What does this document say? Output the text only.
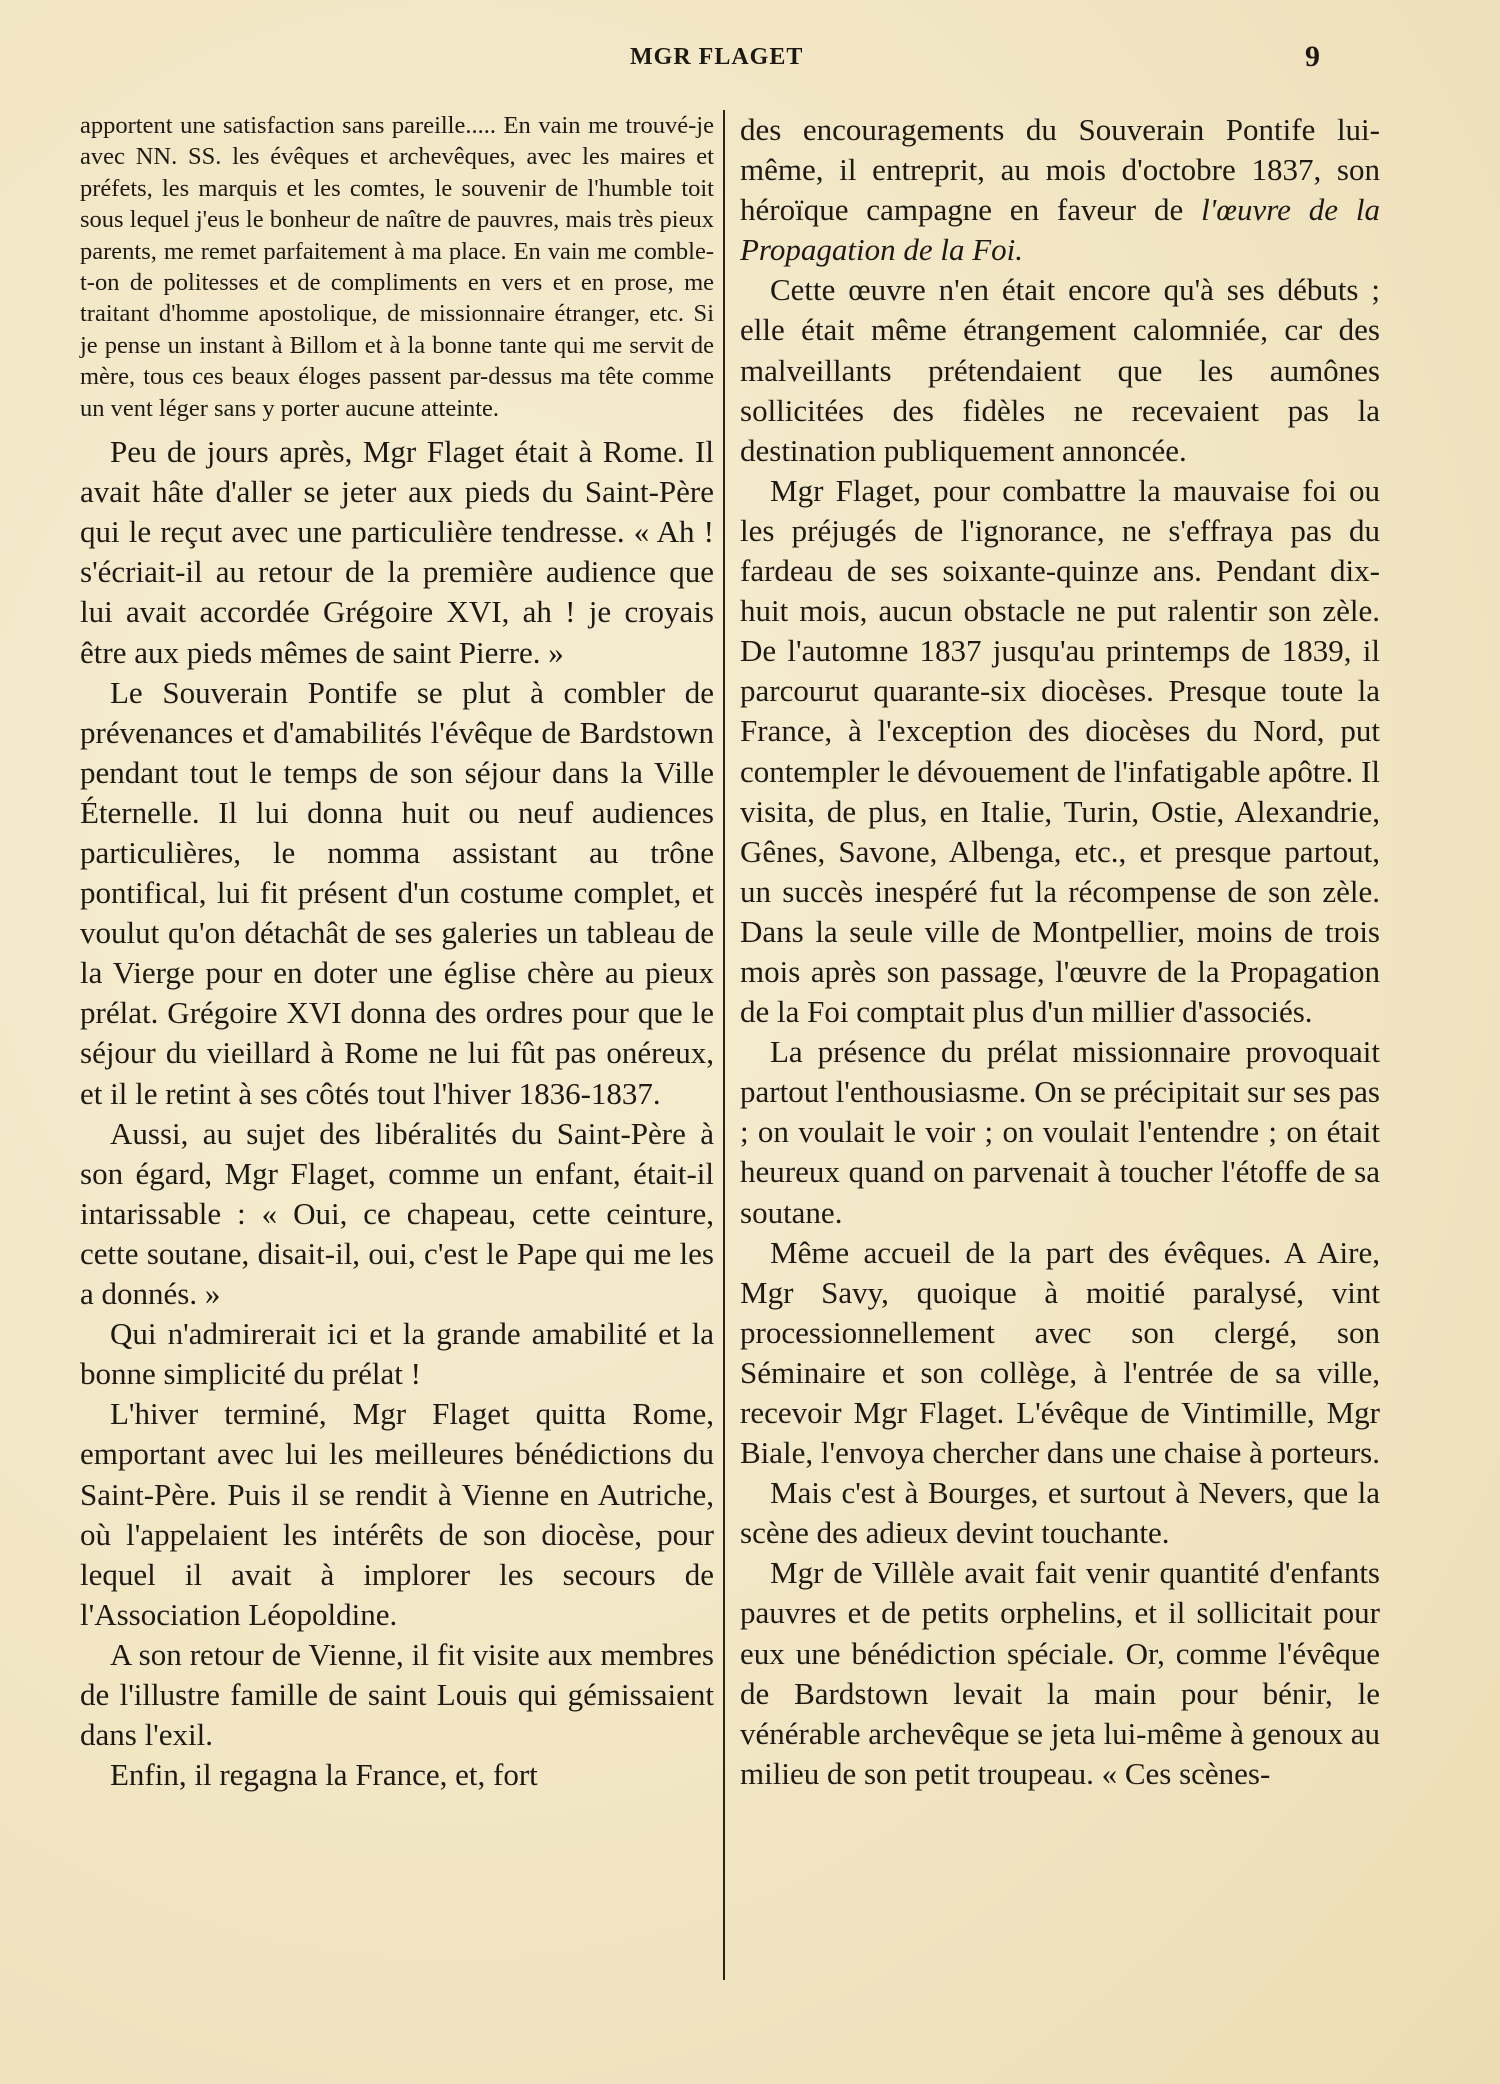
MGR FLAGET	9

apportent une satisfaction sans pareille..... En vain me trouvé-je avec NN. SS. les évêques et archevêques, avec les maires et préfets, les marquis et les comtes, le souvenir de l'humble toit sous lequel j'eus le bonheur de naître de pauvres, mais très pieux parents, me remet parfaitement à ma place. En vain me comble-t-on de politesses et de compliments en vers et en prose, me traitant d'homme apostolique, de missionnaire étranger, etc. Si je pense un instant à Billom et à la bonne tante qui me servit de mère, tous ces beaux éloges passent par-dessus ma tête comme un vent léger sans y porter aucune atteinte.

Peu de jours après, Mgr Flaget était à Rome. Il avait hâte d'aller se jeter aux pieds du Saint-Père qui le reçut avec une particulière tendresse. « Ah ! s'écriait-il au retour de la première audience que lui avait accordée Grégoire XVI, ah ! je croyais être aux pieds mêmes de saint Pierre. »

Le Souverain Pontife se plut à combler de prévenances et d'amabilités l'évêque de Bardstown pendant tout le temps de son séjour dans la Ville Éternelle. Il lui donna huit ou neuf audiences particulières, le nomma assistant au trône pontifical, lui fit présent d'un costume complet, et voulut qu'on détachât de ses galeries un tableau de la Vierge pour en doter une église chère au pieux prélat. Grégoire XVI donna des ordres pour que le séjour du vieillard à Rome ne lui fût pas onéreux, et il le retint à ses côtés tout l'hiver 1836-1837.

Aussi, au sujet des libéralités du Saint-Père à son égard, Mgr Flaget, comme un enfant, était-il intarissable : « Oui, ce chapeau, cette ceinture, cette soutane, disait-il, oui, c'est le Pape qui me les a donnés. »

Qui n'admirerait ici et la grande amabilité et la bonne simplicité du prélat !

L'hiver terminé, Mgr Flaget quitta Rome, emportant avec lui les meilleures bénédictions du Saint-Père. Puis il se rendit à Vienne en Autriche, où l'appelaient les intérêts de son diocèse, pour lequel il avait à implorer les secours de l'Association Léopoldine.

A son retour de Vienne, il fit visite aux membres de l'illustre famille de saint Louis qui gémissaient dans l'exil.

Enfin, il regagna la France, et, fort

des encouragements du Souverain Pontife lui-même, il entreprit, au mois d'octobre 1837, son héroïque campagne en faveur de l'œuvre de la Propagation de la Foi.

Cette œuvre n'en était encore qu'à ses débuts ; elle était même étrangement calomniée, car des malveillants prétendaient que les aumônes sollicitées des fidèles ne recevaient pas la destination publiquement annoncée.

Mgr Flaget, pour combattre la mauvaise foi ou les préjugés de l'ignorance, ne s'effraya pas du fardeau de ses soixante-quinze ans. Pendant dix-huit mois, aucun obstacle ne put ralentir son zèle. De l'automne 1837 jusqu'au printemps de 1839, il parcourut quarante-six diocèses. Presque toute la France, à l'exception des diocèses du Nord, put contempler le dévouement de l'infatigable apôtre. Il visita, de plus, en Italie, Turin, Ostie, Alexandrie, Gênes, Savone, Albenga, etc., et presque partout, un succès inespéré fut la récompense de son zèle. Dans la seule ville de Montpellier, moins de trois mois après son passage, l'œuvre de la Propagation de la Foi comptait plus d'un millier d'associés.

La présence du prélat missionnaire provoquait partout l'enthousiasme. On se précipitait sur ses pas ; on voulait le voir ; on voulait l'entendre ; on était heureux quand on parvenait à toucher l'étoffe de sa soutane.

Même accueil de la part des évêques. A Aire, Mgr Savy, quoique à moitié paralysé, vint processionnellement avec son clergé, son Séminaire et son collège, à l'entrée de sa ville, recevoir Mgr Flaget. L'évêque de Vintimille, Mgr Biale, l'envoya chercher dans une chaise à porteurs.

Mais c'est à Bourges, et surtout à Nevers, que la scène des adieux devint touchante.

Mgr de Villèle avait fait venir quantité d'enfants pauvres et de petits orphelins, et il sollicitait pour eux une bénédiction spéciale. Or, comme l'évêque de Bardstown levait la main pour bénir, le vénérable archevêque se jeta lui-même à genoux au milieu de son petit troupeau. « Ces scènes-
